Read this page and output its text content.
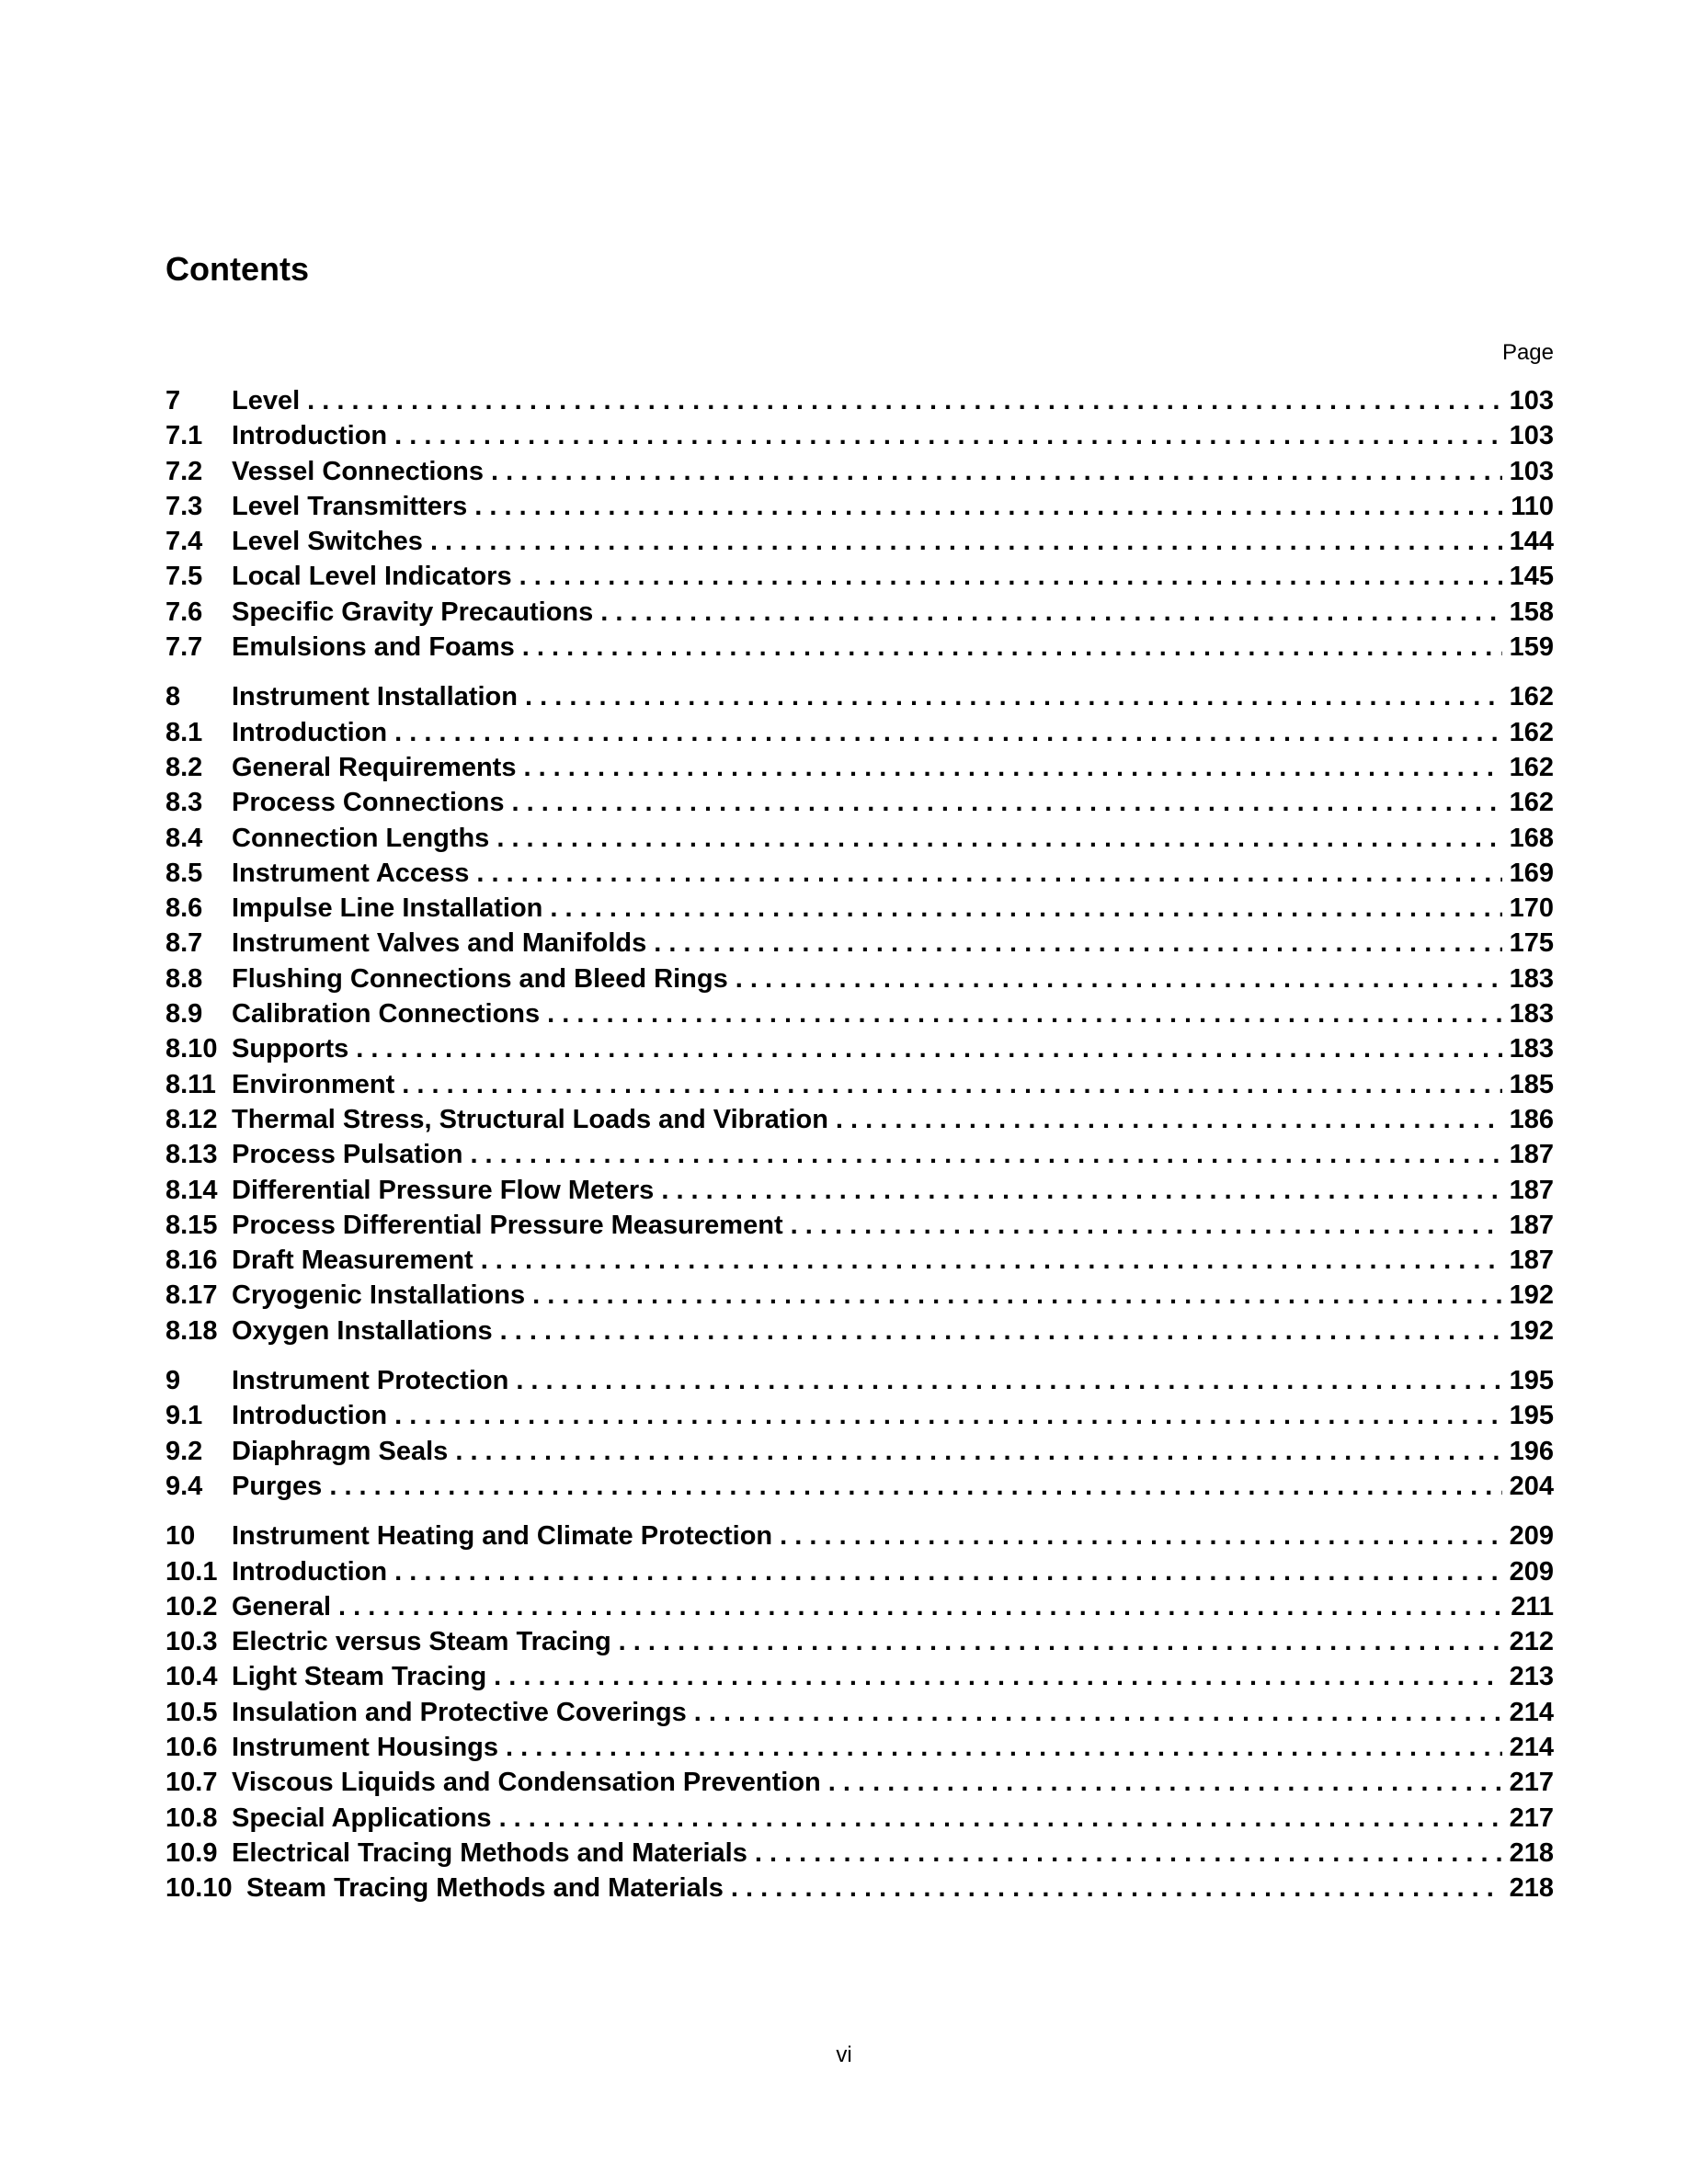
Contents
Page
7	Level . . .	103
7.1	Introduction . . .	103
7.2	Vessel Connections . . .	103
7.3	Level Transmitters . . .	110
7.4	Level Switches . . .	144
7.5	Local Level Indicators . . .	145
7.6	Specific Gravity Precautions . . .	158
7.7	Emulsions and Foams . . .	159
8	Instrument Installation . . .	162
8.1	Introduction . . .	162
8.2	General Requirements . . .	162
8.3	Process Connections . . .	162
8.4	Connection Lengths . . .	168
8.5	Instrument Access . . .	169
8.6	Impulse Line Installation . . .	170
8.7	Instrument Valves and Manifolds . . .	175
8.8	Flushing Connections and Bleed Rings . . .	183
8.9	Calibration Connections . . .	183
8.10 Supports . . .	183
8.11 Environment . . .	185
8.12 Thermal Stress, Structural Loads and Vibration . . .	186
8.13 Process Pulsation . . .	187
8.14 Differential Pressure Flow Meters . . .	187
8.15 Process Differential Pressure Measurement . . .	187
8.16 Draft Measurement . . .	187
8.17 Cryogenic Installations . . .	192
8.18 Oxygen Installations . . .	192
9	Instrument Protection . . .	195
9.1	Introduction . . .	195
9.2	Diaphragm Seals . . .	196
9.4	Purges . . .	204
10	Instrument Heating and Climate Protection . . .	209
10.1 Introduction . . .	209
10.2 General . . .	211
10.3 Electric versus Steam Tracing . . .	212
10.4 Light Steam Tracing . . .	213
10.5 Insulation and Protective Coverings . . .	214
10.6 Instrument Housings . . .	214
10.7 Viscous Liquids and Condensation Prevention . . .	217
10.8 Special Applications . . .	217
10.9 Electrical Tracing Methods and Materials . . .	218
10.10 Steam Tracing Methods and Materials . . .	218
vi
